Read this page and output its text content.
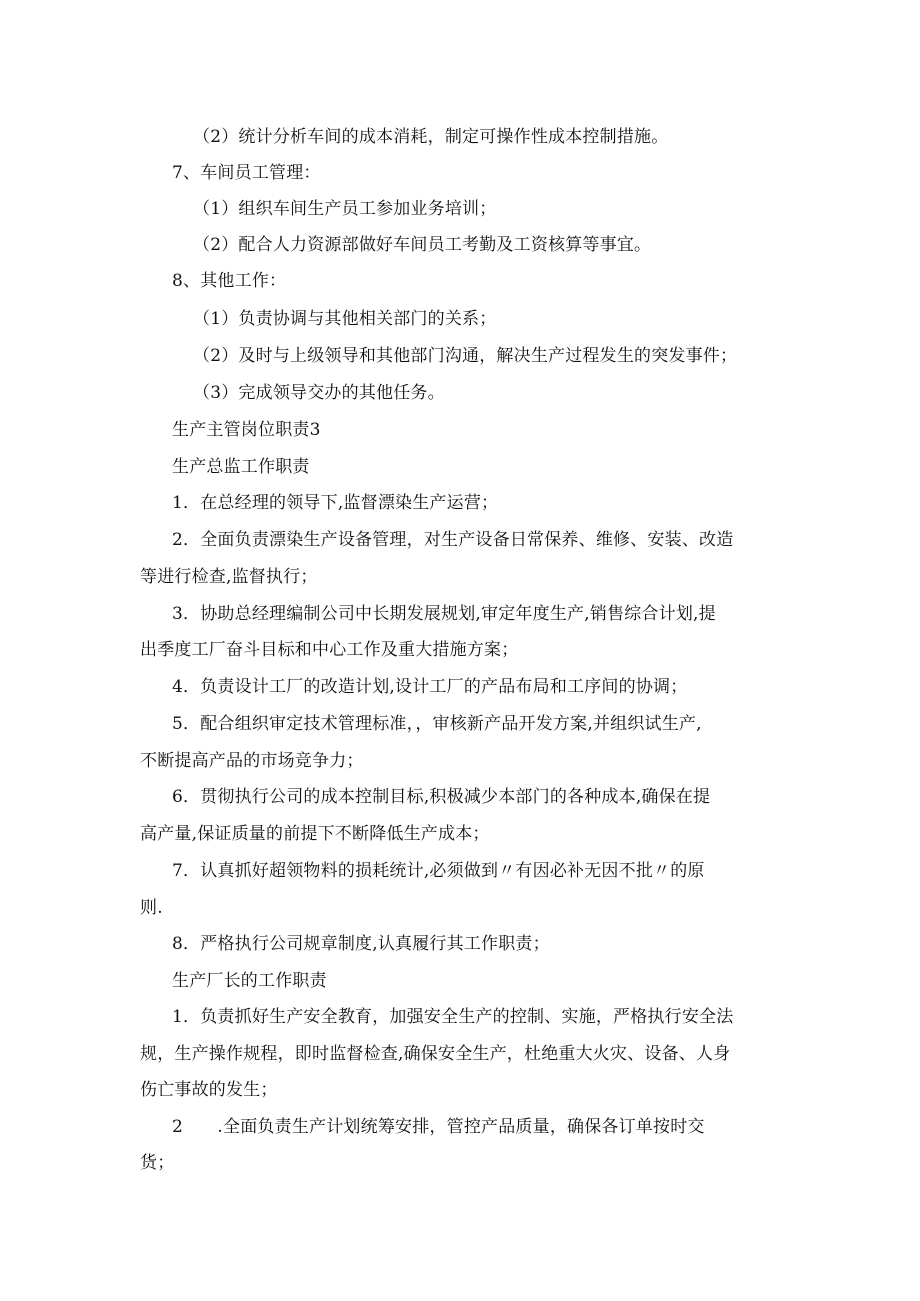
（2）统计分析车间的成本消耗，制定可操作性成本控制措施。
7、车间员工管理：
（1）组织车间生产员工参加业务培训；
（2）配合人力资源部做好车间员工考勤及工资核算等事宜。
8、其他工作：
（1）负责协调与其他相关部门的关系；
（2）及时与上级领导和其他部门沟通，解决生产过程发生的突发事件；
（3）完成领导交办的其他任务。
生产主管岗位职责3
生产总监工作职责
1．在总经理的领导下,监督漂染生产运营；
2．全面负责漂染生产设备管理，对生产设备日常保养、维修、安装、改造
等进行检查,监督执行；
3．协助总经理编制公司中长期发展规划,审定年度生产,销售综合计划,提
出季度工厂奋斗目标和中心工作及重大措施方案；
4．负责设计工厂的改造计划,设计工厂的产品布局和工序间的协调；
5．配合组织审定技术管理标准，，审核新产品开发方案,并组织试生产,
不断提高产品的市场竞争力；
6．贯彻执行公司的成本控制目标,积极减少本部门的各种成本,确保在提
高产量,保证质量的前提下不断降低生产成本；
7．认真抓好超领物料的损耗统计,必须做到〃有因必补无因不批〃的原
则.
8．严格执行公司规章制度,认真履行其工作职责；
生产厂长的工作职责
1．负责抓好生产安全教育，加强安全生产的控制、实施，严格执行安全法
规，生产操作规程，即时监督检查,确保安全生产，杜绝重大火灾、设备、人身
伤亡事故的发生；
2　　.全面负责生产计划统筹安排，管控产品质量，确保各订单按时交
货；
